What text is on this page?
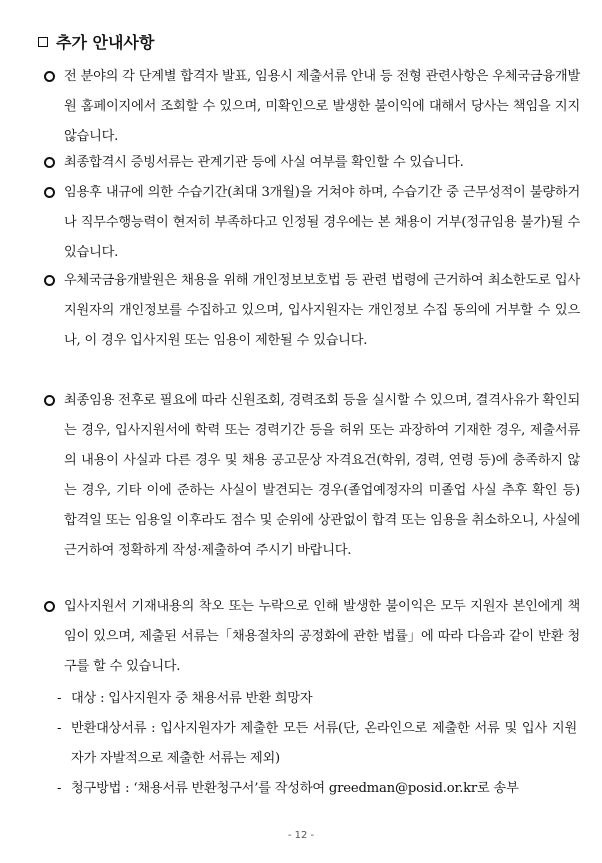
추가 안내사항
전 분야의 각 단계별 합격자 발표, 임용시 제출서류 안내 등 전형 관련사항은 우체국금융개발원 홈페이지에서 조회할 수 있으며, 미확인으로 발생한 불이익에 대해서 당사는 책임을 지지 않습니다.
최종합격시 증빙서류는 관계기관 등에 사실 여부를 확인할 수 있습니다.
임용후 내규에 의한 수습기간(최대 3개월)을 거쳐야 하며, 수습기간 중 근무성적이 불량하거나 직무수행능력이 현저히 부족하다고 인정될 경우에는 본 채용이 거부(정규임용 불가)될 수 있습니다.
우체국금융개발원은 채용을 위해 개인정보보호법 등 관련 법령에 근거하여 최소한도로 입사지원자의 개인정보를 수집하고 있으며, 입사지원자는 개인정보 수집 동의에 거부할 수 있으나, 이 경우 입사지원 또는 임용이 제한될 수 있습니다.
최종임용 전후로 필요에 따라 신원조회, 경력조회 등을 실시할 수 있으며, 결격사유가 확인되는 경우, 입사지원서에 학력 또는 경력기간 등을 허위 또는 과장하여 기재한 경우, 제출서류의 내용이 사실과 다른 경우 및 채용 공고문상 자격요건(학위, 경력, 연령 등)에 충족하지 않는 경우, 기타 이에 준하는 사실이 발견되는 경우(졸업예정자의 미졸업 사실 추후 확인 등) 합격일 또는 임용일 이후라도 점수 및 순위에 상관없이 합격 또는 임용을 취소하오니, 사실에 근거하여 정확하게 작성·제출하여 주시기 바랍니다.
입사지원서 기재내용의 착오 또는 누락으로 인해 발생한 불이익은 모두 지원자 본인에게 책임이 있으며, 제출된 서류는「채용절차의 공정화에 관한 법률」에 따라 다음과 같이 반환 청구를 할 수 있습니다.
- 대상 : 입사지원자 중 채용서류 반환 희망자
- 반환대상서류 : 입사지원자가 제출한 모든 서류(단, 온라인으로 제출한 서류 및 입사 지원자가 자발적으로 제출한 서류는 제외)
- 청구방법 : ‘채용서류 반환청구서’를 작성하여 greedman@posid.or.kr로 송부
- 12 -
